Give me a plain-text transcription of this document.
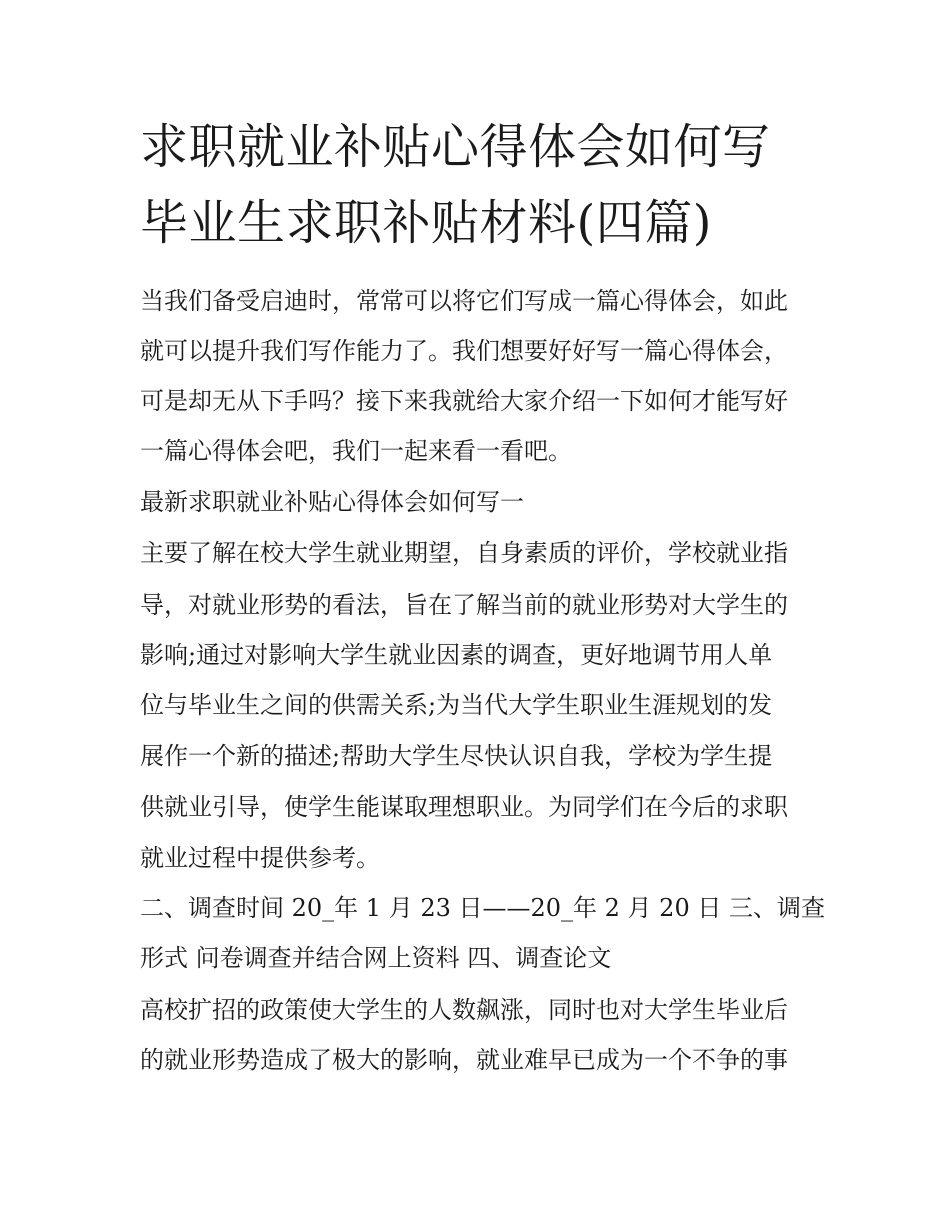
求职就业补贴心得体会如何写
毕业生求职补贴材料(四篇)
当我们备受启迪时，常常可以将它们写成一篇心得体会，如此
就可以提升我们写作能力了。我们想要好好写一篇心得体会，
可是却无从下手吗？接下来我就给大家介绍一下如何才能写好
一篇心得体会吧，我们一起来看一看吧。
最新求职就业补贴心得体会如何写一
主要了解在校大学生就业期望，自身素质的评价，学校就业指
导，对就业形势的看法，旨在了解当前的就业形势对大学生的
影响;通过对影响大学生就业因素的调查，更好地调节用人单
位与毕业生之间的供需关系;为当代大学生职业生涯规划的发
展作一个新的描述;帮助大学生尽快认识自我，学校为学生提
供就业引导，使学生能谋取理想职业。为同学们在今后的求职
就业过程中提供参考。
二、调查时间 20_年 1 月 23 日——20_年 2 月 20 日 三、调查
形式 问卷调查并结合网上资料 四、调查论文
高校扩招的政策使大学生的人数飙涨，同时也对大学生毕业后
的就业形势造成了极大的影响，就业难早已成为一个不争的事
